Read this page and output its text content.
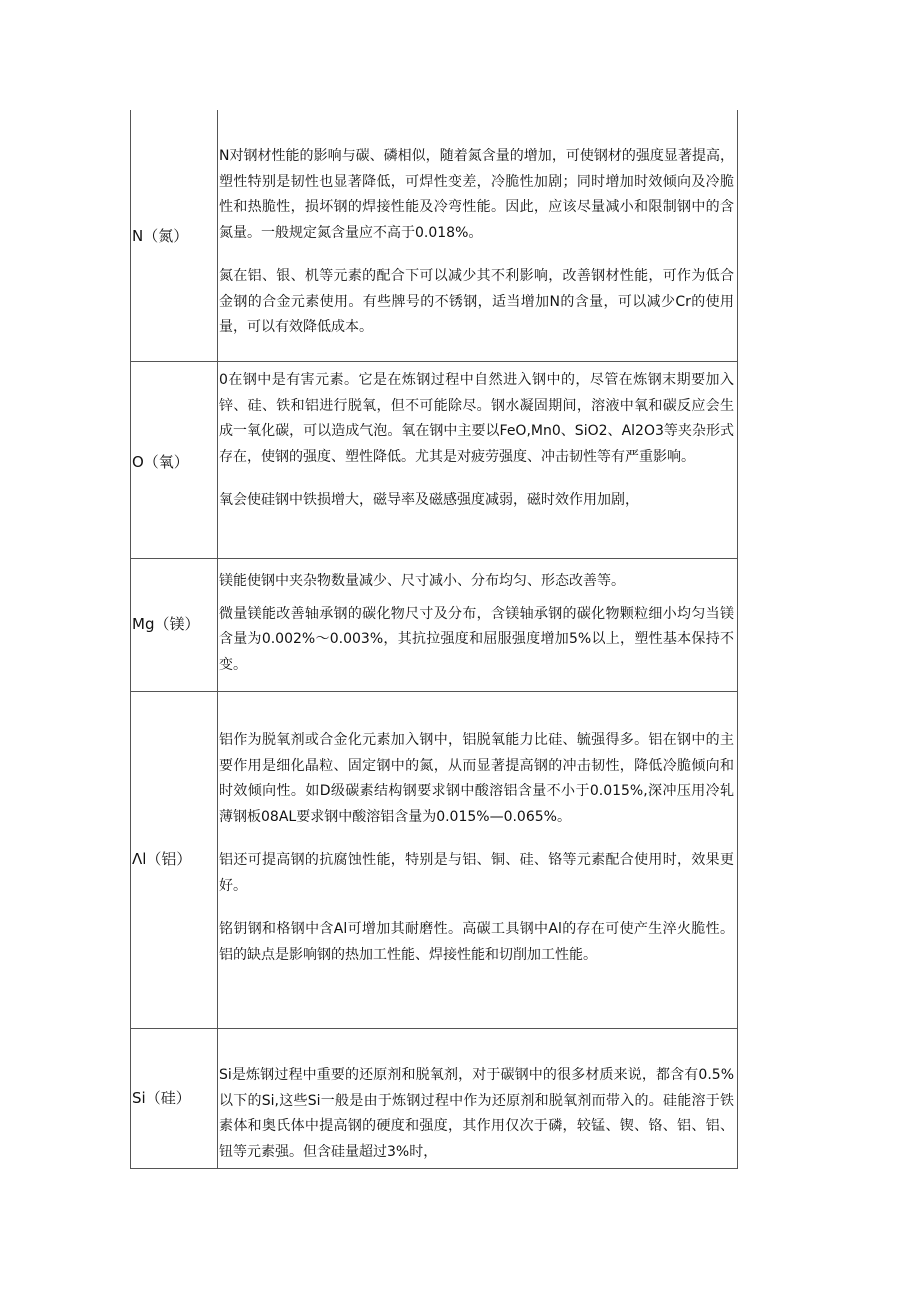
N（氮）

N对钢材性能的影响与碳、磷相似，随着氮含量的增加，可使钢材的强度显著提高，塑性特别是韧性也显著降低，可焊性变差，冷脆性加剧；同时增加时效倾向及冷脆性和热脆性，损坏钢的焊接性能及冷弯性能。因此，应该尽量减小和限制钢中的含氮量。一般规定氮含量应不高于0.018%。

氮在铝、银、机等元素的配合下可以减少其不利影响，改善钢材性能，可作为低合金钢的合金元素使用。有些牌号的不锈钢，适当增加N的含量，可以减少Cr的使用量，可以有效降低成本。

O（氧）

0在钢中是有害元素。它是在炼钢过程中自然进入钢中的，尽管在炼钢末期要加入锌、硅、铁和铝进行脱氧，但不可能除尽。钢水凝固期间，溶液中氧和碳反应会生成一氧化碳，可以造成气泡。氧在钢中主要以FeO,Mn0、SiO2、Al2O3等夹杂形式存在，使钢的强度、塑性降低。尤其是对疲劳强度、冲击韧性等有严重影响。

氧会使硅钢中铁损增大，磁导率及磁感强度减弱，磁时效作用加剧，

Mg（镁）

镁能使钢中夹杂物数量减少、尺寸减小、分布均匀、形态改善等。

微量镁能改善轴承钢的碳化物尺寸及分布，含镁轴承钢的碳化物颗粒细小均匀当镁含量为0.002%～0.003%，其抗拉强度和屈服强度增加5%以上，塑性基本保持不变。

Λl（铝）

铝作为脱氧剂或合金化元素加入钢中，铝脱氧能力比硅、毓强得多。铝在钢中的主要作用是细化晶粒、固定钢中的氮，从而显著提高钢的冲击韧性，降低冷脆倾向和时效倾向性。如D级碳素结构钢要求钢中酸溶铝含量不小于0.015%,深冲压用冷轧薄钢板08AL要求钢中酸溶铝含量为0.015%—0.065%。

铝还可提高钢的抗腐蚀性能，特别是与铝、铜、硅、铬等元素配合使用时，效果更好。

铭钥钢和格钢中含Al可增加其耐磨性。高碳工具钢中Al的存在可使产生淬火脆性。铝的缺点是影响钢的热加工性能、焊接性能和切削加工性能。

Si（硅）

Si是炼钢过程中重要的还原剂和脱氧剂，对于碳钢中的很多材质来说，都含有0.5%以下的Si,这些Si一般是由于炼钢过程中作为还原剂和脱氧剂而带入的。硅能溶于铁素体和奥氏体中提高钢的硬度和强度，其作用仅次于磷，较锰、锲、铬、铝、铝、钮等元素强。但含硅量超过3%时，
